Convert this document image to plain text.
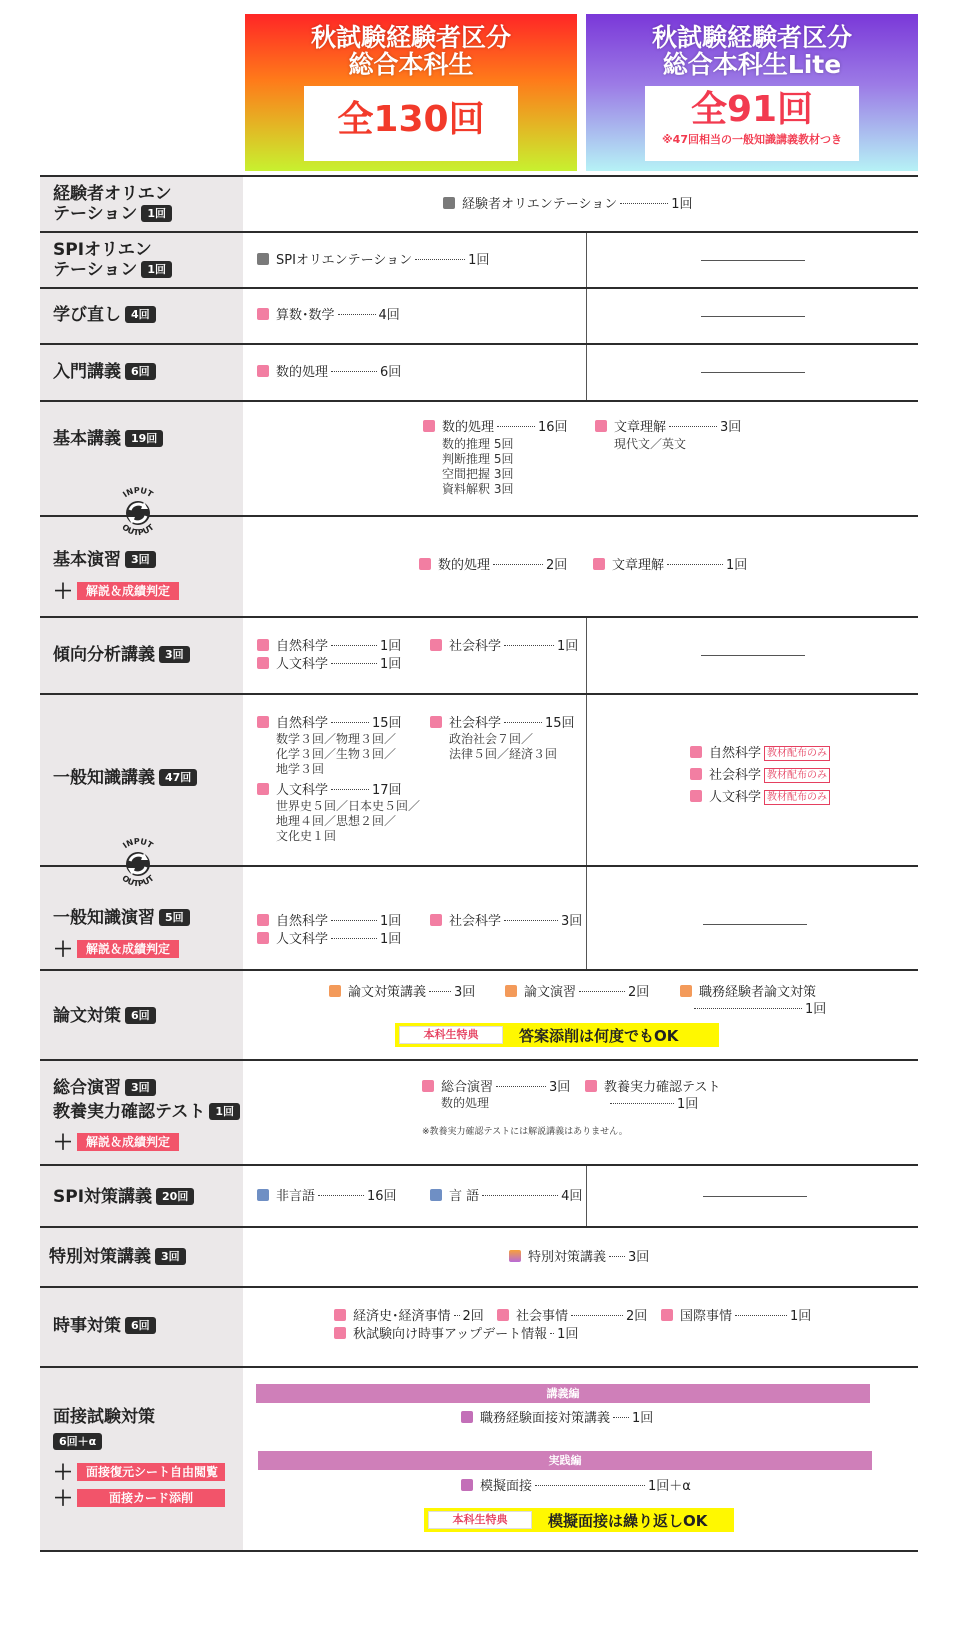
秋試験経験者区分
総合本科生
全130回
秋試験経験者区分
総合本科生Lite
全91回
※47回相当の一般知識講義教材つき
経験者オリエン
テーション 1回
経験者オリエンテーション	1回
SPIオリエン
テーション 1回
SPIオリエンテーション	1回
学び直し 4回	算数･数学	4回
入門講義 6回	数的処理	6回
基本講義 19回
数的処理	16回
数的推理 5回
判断推理 5回
空間把握 3回
資料解釈 3回
文章理解	3回
現代文／英文
基本演習 3回
＋ 解説＆成績判定
数的処理	2回	文章理解	1回
傾向分析講義 3回
自然科学	1回	社会科学	1回
人文科学	1回
一般知識講義 47回
自然科学	15回
数学３回／物理３回／
化学３回／生物３回／
地学３回
社会科学	15回
政治社会７回／
法律５回／経済３回
人文科学	17回
世界史５回／日本史５回／
地理４回／思想２回／
文化史１回
自然科学 教材配布のみ
社会科学 教材配布のみ
人文科学 教材配布のみ
一般知識演習 5回
＋ 解説＆成績判定
自然科学	1回	社会科学	3回
人文科学	1回
論文対策 6回
論文対策講義 3回	論文演習	2回	職務経験者論文対策
1回
本科生特典	答案添削は何度でもOK
総合演習 3回
教養実力確認テスト 1回
＋ 解説＆成績判定
総合演習	3回
数的処理
教養実力確認テスト
1回
※教養実力確認テストには解説講義はありません。
SPI対策講義 20回	非言語	16回	言 語	4回
特別対策講義 3回	特別対策講義 3回
時事対策 6回
経済史･経済事情 2回	社会事情	2回	国際事情	1回
秋試験向け時事アップデート情報 1回
面接試験対策
6回＋α
＋ 面接復元シート自由閲覧
＋	面接カード添削
講義編
職務経験面接対策講義 1回
実践編
模擬面接	1回＋α
本科生特典	模擬面接は繰り返しOK
INPUT
OUTPUT
INPUT
OUTPUT
